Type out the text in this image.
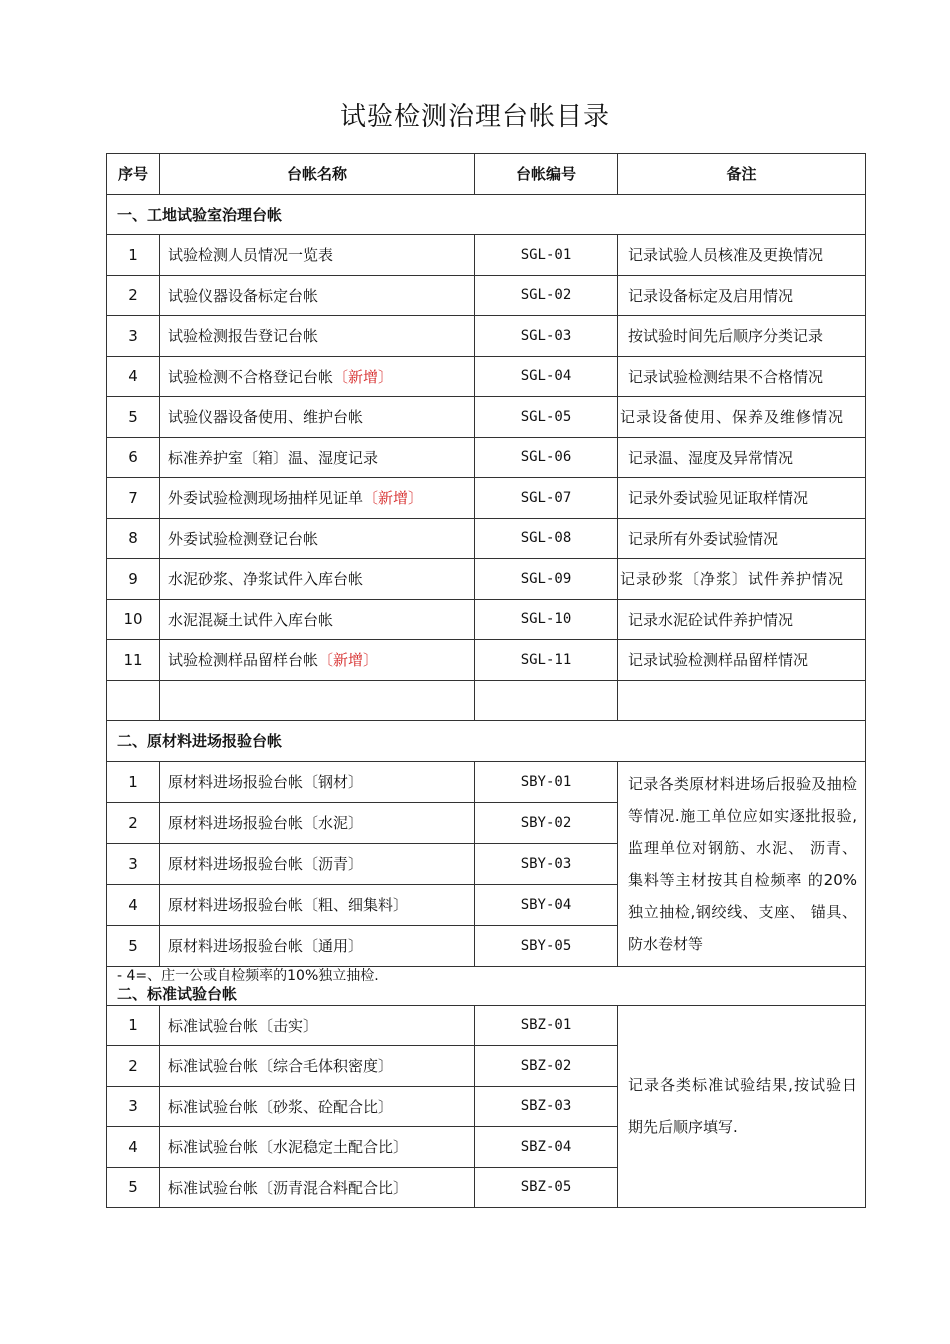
试验检测治理台帐目录
序号	台帐名称	台帐编号	备注
一、工地试验室治理台帐			
1	试验检测人员情况一览表	SGL-01	记录试验人员核准及更换情况
2	试验仪器设备标定台帐	SGL-02	记录设备标定及启用情况
3	试验检测报告登记台帐	SGL-03	按试验时间先后顺序分类记录
4	试验检测不合格登记台帐〔新增〕	SGL-04	记录试验检测结果不合格情况
5	试验仪器设备使用、维护台帐	SGL-05	记录设备使用、保养及维修情况
6	标准养护室〔箱〕温、湿度记录	SGL-06	记录温、湿度及异常情况
7	外委试验检测现场抽样见证单〔新增〕	SGL-07	记录外委试验见证取样情况
8	外委试验检测登记台帐	SGL-08	记录所有外委试验情况
9	水泥砂浆、净浆试件入库台帐	SGL-09	记录砂浆〔净浆〕试件养护情况
10	水泥混凝土试件入库台帐	SGL-10	记录水泥砼试件养护情况
11	试验检测样品留样台帐〔新增〕	SGL-11	记录试验检测样品留样情况

二、原材料进场报验台帐			
1	原材料进场报验台帐〔钢材〕	SBY-01	记录各类原材料进场后报验及抽检等情况.施工单位应如实逐批报验,监理单位对钢筋、水泥、 沥青、集料等主材按其自检频率 的20%独立抽检,钢绞线、支座、 锚具、防水卷材等
2	原材料进场报验台帐〔水泥〕	SBY-02	
3	原材料进场报验台帐〔沥青〕	SBY-03	
4	原材料进场报验台帐〔粗、细集料〕	SBY-04	
5	原材料进场报验台帐〔通用〕	SBY-05	

- 4=、庄一公或自检频率的10%独立抽检.
二、标准试验台帐			

1	标准试验台帐〔击实〕	SBZ-01	记录各类标准试验结果,按试验日期先后顺序填写.
2	标准试验台帐〔综合毛体积密度〕	SBZ-02	
3	标准试验台帐〔砂浆、砼配合比〕	SBZ-03	
4	标准试验台帐〔水泥稳定土配合比〕	SBZ-04	
5	标准试验台帐〔沥青混合料配合比〕	SBZ-05	
